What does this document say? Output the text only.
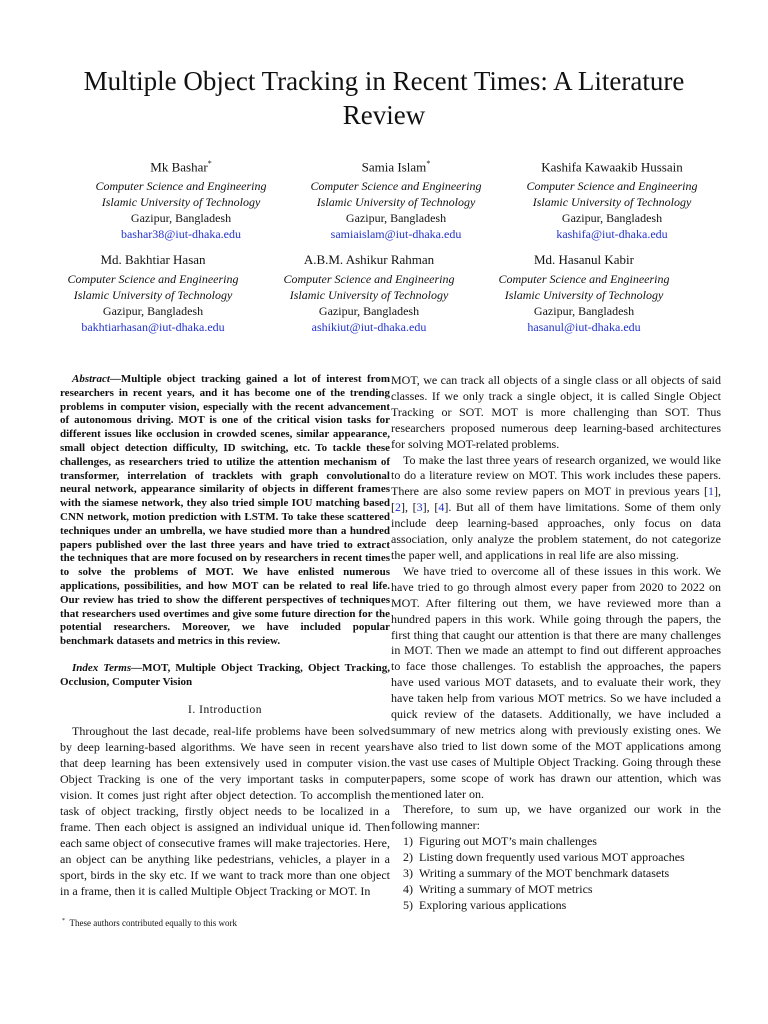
Multiple Object Tracking in Recent Times: A Literature Review
Mk Bashar*
Computer Science and Engineering
Islamic University of Technology
Gazipur, Bangladesh
bashar38@iut-dhaka.edu
Samia Islam*
Computer Science and Engineering
Islamic University of Technology
Gazipur, Bangladesh
samiaislam@iut-dhaka.edu
Kashifa Kawaakib Hussain
Computer Science and Engineering
Islamic University of Technology
Gazipur, Bangladesh
kashifa@iut-dhaka.edu
Md. Bakhtiar Hasan
Computer Science and Engineering
Islamic University of Technology
Gazipur, Bangladesh
bakhtiarhasan@iut-dhaka.edu
A.B.M. Ashikur Rahman
Computer Science and Engineering
Islamic University of Technology
Gazipur, Bangladesh
ashikiut@iut-dhaka.edu
Md. Hasanul Kabir
Computer Science and Engineering
Islamic University of Technology
Gazipur, Bangladesh
hasanul@iut-dhaka.edu

Abstract—Multiple object tracking gained a lot of interest from researchers in recent years, and it has become one of the trending problems in computer vision, especially with the recent advancement of autonomous driving. MOT is one of the critical vision tasks for different issues like occlusion in crowded scenes, similar appearance, small object detection difficulty, ID switching, etc. To tackle these challenges, as researchers tried to utilize the attention mechanism of transformer, interrelation of tracklets with graph convolutional neural network, appearance similarity of objects in different frames with the siamese network, they also tried simple IOU matching based CNN network, motion prediction with LSTM. To take these scattered techniques under an umbrella, we have studied more than a hundred papers published over the last three years and have tried to extract the techniques that are more focused on by researchers in recent times to solve the problems of MOT. We have enlisted numerous applications, possibilities, and how MOT can be related to real life. Our review has tried to show the different perspectives of techniques that researchers used overtimes and give some future direction for the potential researchers. Moreover, we have included popular benchmark datasets and metrics in this review.

Index Terms—MOT, Multiple Object Tracking, Object Tracking, Occlusion, Computer Vision

I. Introduction

Throughout the last decade, real-life problems have been solved by deep learning-based algorithms. We have seen in recent years that deep learning has been extensively used in computer vision. Object Tracking is one of the very important tasks in computer vision. It comes just right after object detection. To accomplish the task of object tracking, firstly object needs to be localized in a frame. Then each object is assigned an individual unique id. Then each same object of consecutive frames will make trajectories. Here, an object can be anything like pedestrians, vehicles, a player in a sport, birds in the sky etc. If we want to track more than one object in a frame, then it is called Multiple Object Tracking or MOT. In

* These authors contributed equally to this work

MOT, we can track all objects of a single class or all objects of said classes. If we only track a single object, it is called Single Object Tracking or SOT. MOT is more challenging than SOT. Thus researchers proposed numerous deep learning-based architectures for solving MOT-related problems.

To make the last three years of research organized, we would like to do a literature review on MOT. This work includes these papers. There are also some review papers on MOT in previous years [1], [2], [3], [4]. But all of them have limitations. Some of them only include deep learning-based approaches, only focus on data association, only analyze the problem statement, do not categorize the paper well, and applications in real life are also missing.

We have tried to overcome all of these issues in this work. We have tried to go through almost every paper from 2020 to 2022 on MOT. After filtering out them, we have reviewed more than a hundred papers in this work. While going through the papers, the first thing that caught our attention is that there are many challenges in MOT. Then we made an attempt to find out different approaches to face those challenges. To establish the approaches, the papers have used various MOT datasets, and to evaluate their work, they have taken help from various MOT metrics. So we have included a quick review of the datasets. Additionally, we have included a summary of new metrics along with previously existing ones. We have also tried to list down some of the MOT applications among the vast use cases of Multiple Object Tracking. Going through these papers, some scope of work has drawn our attention, which was mentioned later on.

Therefore, to sum up, we have organized our work in the following manner:

1) Figuring out MOT’s main challenges
2) Listing down frequently used various MOT approaches
3) Writing a summary of the MOT benchmark datasets
4) Writing a summary of MOT metrics
5) Exploring various applications
